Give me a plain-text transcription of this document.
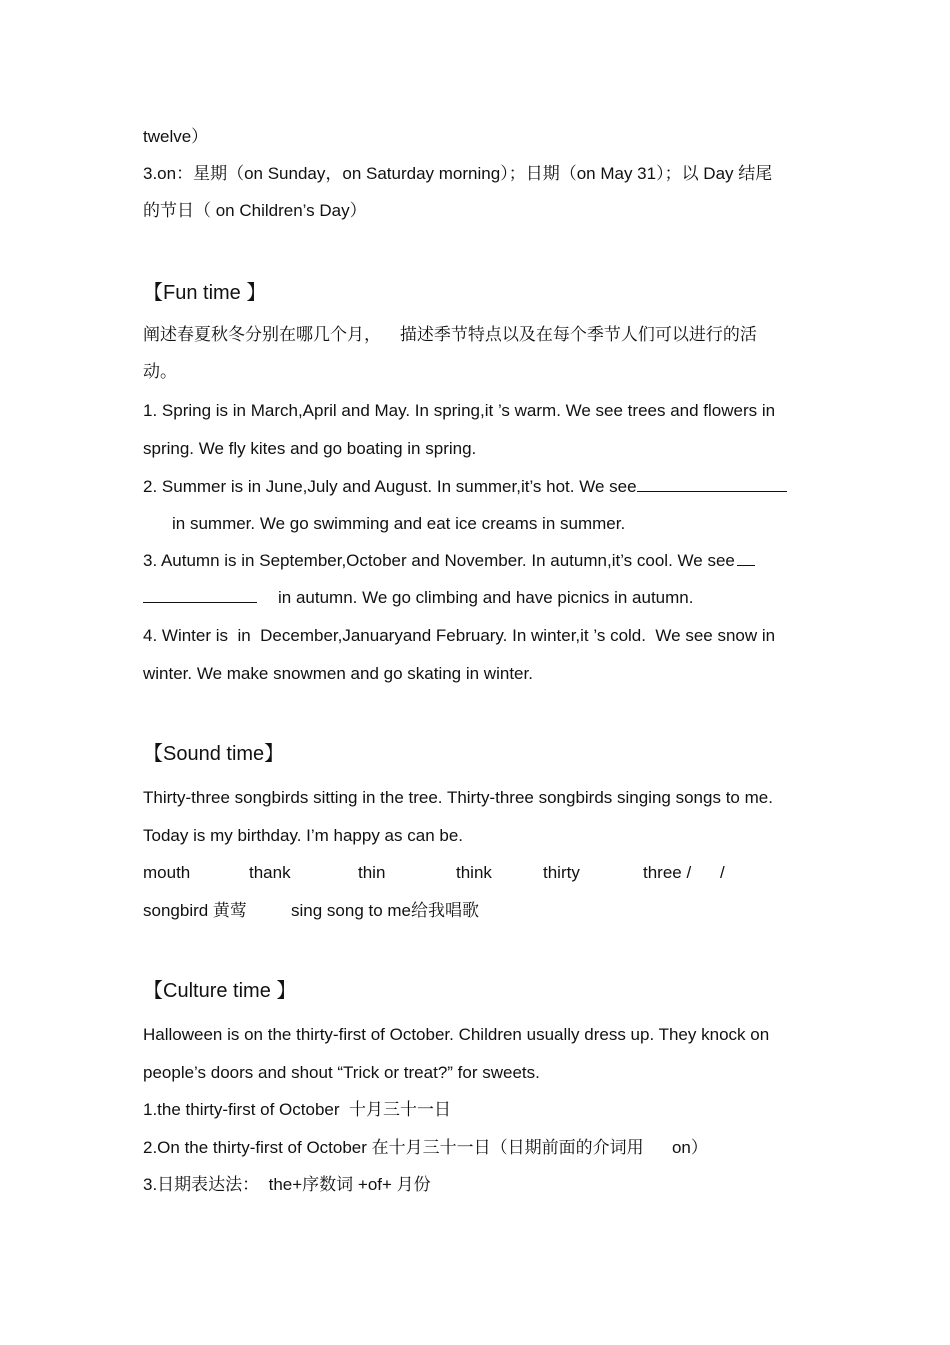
twelve）
3.on：星期（on Sunday，on Saturday morning）；日期（on May 31）；以 Day 结尾
的节日（ on Children’s Day）
【Fun time 】
阐述春夏秋冬分别在哪几个月，    描述季节特点以及在每个季节人们可以进行的活
动。
1. Spring is in March,April and May. In spring,it ’s warm. We see trees and flowers in
spring. We fly kites and go boating in spring.
2. Summer is in June,July and August. In summer,it’s hot. We see
in summer. We go swimming and eat ice creams in summer.
3. Autumn is in September,October and November. In autumn,it’s cool. We see
in autumn. We go climbing and have picnics in autumn.
4. Winter is  in  December,Januaryand February. In winter,it ’s cold.  We see snow in
winter. We make snowmen and go skating in winter.
【Sound time】
Thirty-three songbirds sitting in the tree. Thirty-three songbirds singing songs to me.
Today is my birthday. I’m happy as can be.
mouth	thank	thin	think	thirty	three / /
songbird 黄莺	sing song to me给我唱歌
【Culture time 】
Halloween is on the thirty-first of October. Children usually dress up. They knock on
people’s doors and shout “Trick or treat?” for sweets.
1.the thirty-first of October  十月三十一日
2.On the thirty-first of October 在十月三十一日（日期前面的介词用      on）
3.日期表达法：  the+序数词 +of+ 月份
